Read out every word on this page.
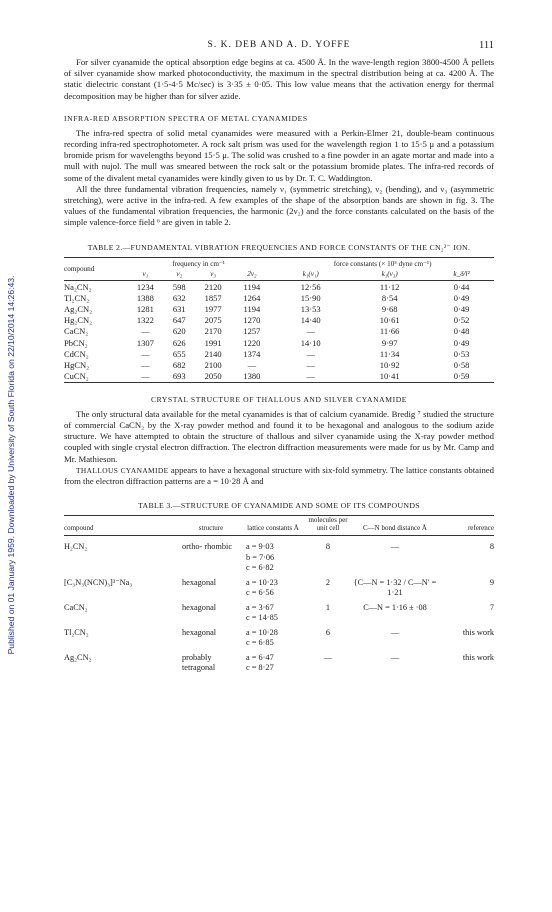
Published on 01 January 1959. Downloaded by University of South Florida on 22/10/2014 14:26:43.
S. K. DEB AND A. D. YOFFE	111

For silver cyanamide the optical absorption edge begins at ca. 4500 Å. In the wave-length region 3800-4500 Å pellets of silver cyanamide show marked photoconductivity, the maximum in the spectral distribution being at ca. 4200 Å. The static dielectric constant (1·5-4·5 Mc/sec) is 3·35 ± 0·05. This low value means that the activation energy for thermal decomposition may be higher than for silver azide.

INFRA-RED ABSORPTION SPECTRA OF METAL CYANAMIDES

The infra-red spectra of solid metal cyanamides were measured with a Perkin-Elmer 21, double-beam continuous recording infra-red spectrophotometer. A rock salt prism was used for the wavelength region 1 to 15·5 μ and a potassium bromide prism for wavelengths beyond 15·5 μ. The solid was crushed to a fine powder in an agate mortar and made into a mull with nujol. The mull was smeared between the rock salt or the potassium bromide plates. The infra-red records of some of the divalent metal cyanamides were kindly given to us by Dr. T. C. Waddington.

All the three fundamental vibration frequencies, namely ν₁ (symmetric stretching), ν₂ (bending), and ν₃ (asymmetric stretching), were active in the infra-red. A few examples of the shape of the absorption bands are shown in fig. 3. The values of the fundamental vibration frequencies, the harmonic (2ν₂) and the force constants calculated on the basis of the simple valence-force field ⁶ are given in table 2.

TABLE 2.—FUNDAMENTAL VIBRATION FREQUENCIES AND FORCE CONSTANTS OF THE CN₂²⁻ ION.

compound	frequency in cm⁻¹				force constants (× 10⁵ dyne cm⁻¹)		
	ν₁	ν₂	ν₃	2ν₂	k₁(ν₁)	k₁(ν₃)	k_δ/l²

Na₂CN₂	1234	598	2120	1194	12·56	11·12	0·44
Tl₂CN₂	1388	632	1857	1264	15·90	8·54	0·49
Ag₂CN₂	1281	631	1977	1194	13·53	9·68	0·49
Hg₂CN₂	1322	647	2075	1270	14·40	10·61	0·52
CaCN₂	—	620	2170	1257	—	11·66	0·48
PbCN₂	1307	626	1991	1220	14·10	9·97	0·49
CdCN₂	—	655	2140	1374	—	11·34	0·53
HgCN₂	—	682	2100	—	—	10·92	0·58
CuCN₂	—	693	2050	1380	—	10·41	0·59

CRYSTAL STRUCTURE OF THALLOUS AND SILVER CYANAMIDE

The only structural data available for the metal cyanamides is that of calcium cyanamide. Bredig ⁷ studied the structure of commercial CaCN₂ by the X-ray powder method and found it to be hexagonal and analogous to the sodium azide structure. We have attempted to obtain the structure of thallous and silver cyanamide using the X-ray powder method coupled with single crystal electron diffraction. The electron diffraction measurements were made for us by Mr. Camp and Mr. Mathieson.

THALLOUS CYANAMIDE appears to have a hexagonal structure with six-fold symmetry. The lattice constants obtained from the electron diffraction patterns are a = 10·28 Å and

TABLE 3.—STRUCTURE OF CYANAMIDE AND SOME OF ITS COMPOUNDS

compound	structure	lattice constants Å	molecules per unit cell	C—N bond distance Å	reference

H₂CN₂	ortho- rhombic	a = 9·03
b = 7·06
c = 6·82	8	—	8

[C₃N₃(NCN)₃]³⁻Na₃	hexagonal	a = 10·23
c = 6·56	2	{C—N = 1·32 / C—N′ = 1·21	9

CaCN₂	hexagonal	a = 3·67
c = 14·85	1	C—N = 1·16 ± ·08	7

Tl₂CN₂	hexagonal	a = 10·28
c = 6·85	6	—	this work

Ag₂CN₂	probably tetragonal	a = 6·47
c = 8·27	—	—	this work
